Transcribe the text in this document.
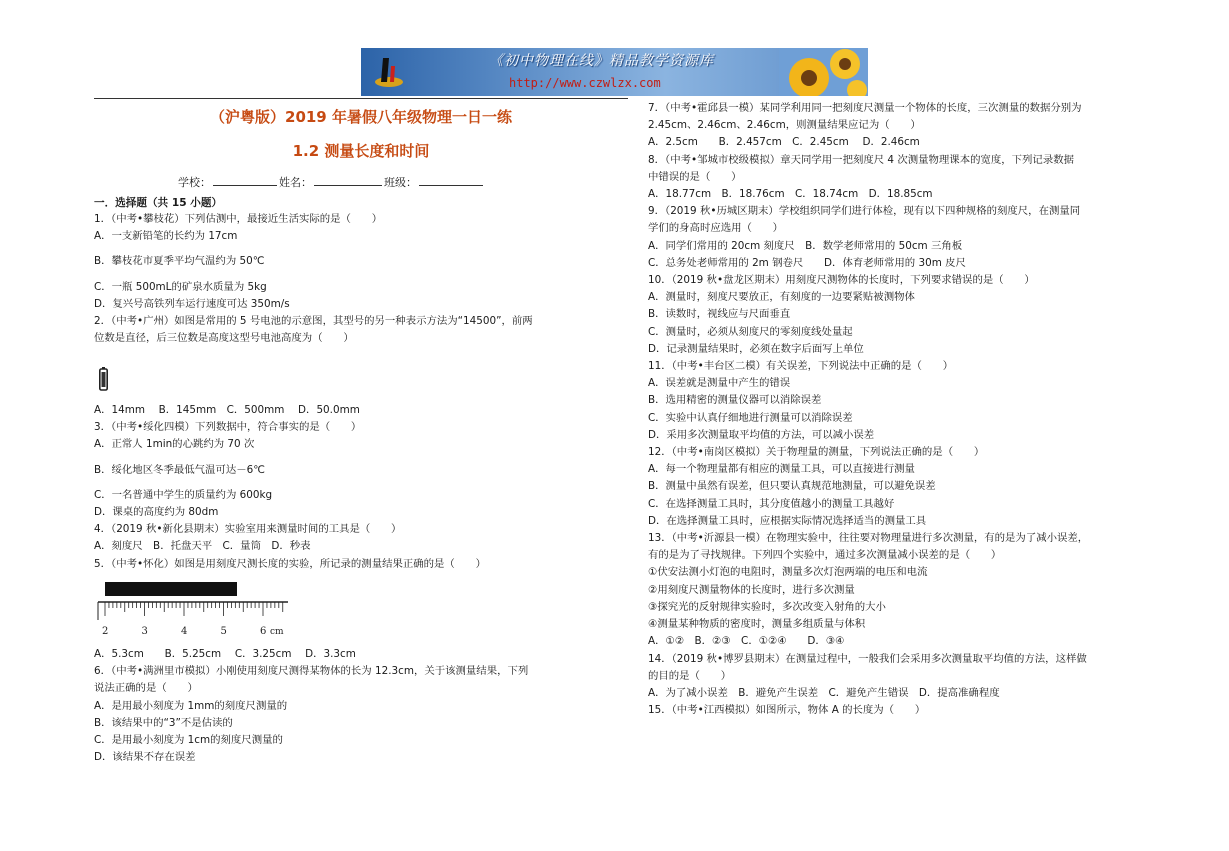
《初中物理在线》精品教学资源库
http://www.czwlzx.com
（沪粤版）2019 年暑假八年级物理一日一练
1.2 测量长度和时间
学校：	姓名：	班级：
一．选择题（共 15 小题）

1．（中考•攀枝花）下列估测中，最接近生活实际的是（　　）

A．一支新铅笔的长约为 17cm

B．攀枝花市夏季平均气温约为 50℃

C．一瓶 500mL的矿泉水质量为 5kg

D．复兴号高铁列车运行速度可达 350m/s

2．（中考•广州）如图是常用的 5 号电池的示意图，其型号的另一种表示方法为“14500”，前两

位数是直径，后三位数是高度这型号电池高度为（　　）

A．14mm　 B．145mm　C．500mm　 D．50.0mm

3．（中考•绥化四模）下列数据中，符合事实的是（　　）

A．正常人 1min的心跳约为 70 次

B．绥化地区冬季最低气温可达－6℃

C．一名普通中学生的质量约为 600kg

D．课桌的高度约为 80dm

4．（2019 秋•新化县期末）实验室用来测量时间的工具是（　　）

A．刻度尺　B．托盘天平　C．量筒　D．秒表

5．（中考•怀化）如图是用刻度尺测长度的实验，所记录的测量结果正确的是（　　）

2	3	4	5	6 cm

A．5.3cm　　B．5.25cm　 C．3.25cm　 D．3.3cm

6．（中考•满洲里市模拟）小刚使用刻度尺测得某物体的长为 12.3cm，关于该测量结果，下列

说法正确的是（　　）

A．是用最小刻度为 1mm的刻度尺测量的

B．该结果中的“3”不是估读的

C．是用最小刻度为 1cm的刻度尺测量的

D．该结果不存在误差

7．（中考•霍邱县一模）某同学利用同一把刻度尺测量一个物体的长度，三次测量的数据分别为

2.45cm、2.46cm、2.46cm，则测量结果应记为（　　）

A．2.5cm　　B．2.457cm　C．2.45cm　 D．2.46cm

8．（中考•邹城市校级模拟）章天同学用一把刻度尺 4 次测量物理课本的宽度，下列记录数据

中错误的是（　　）

A．18.77cm　B．18.76cm　C．18.74cm　D．18.85cm

9．（2019 秋•历城区期末）学校组织同学们进行体检，现有以下四种规格的刻度尺，在测量同

学们的身高时应选用（　　）

A．同学们常用的 20cm 刻度尺　B．数学老师常用的 50cm 三角板

C．总务处老师常用的 2m 钢卷尺　　D．体育老师常用的 30m 皮尺

10．（2019 秋•盘龙区期末）用刻度尺测物体的长度时，下列要求错误的是（　　）

A．测量时，刻度尺要放正，有刻度的一边要紧贴被测物体

B．读数时，视线应与尺面垂直

C．测量时，必须从刻度尺的零刻度线处量起

D．记录测量结果时，必须在数字后面写上单位

11．（中考•丰台区二模）有关误差，下列说法中正确的是（　　）

A．误差就是测量中产生的错误

B．选用精密的测量仪器可以消除误差

C．实验中认真仔细地进行测量可以消除误差

D．采用多次测量取平均值的方法，可以减小误差

12．（中考•南岗区模拟）关于物理量的测量，下列说法正确的是（　　）

A．每一个物理量都有相应的测量工具，可以直接进行测量

B．测量中虽然有误差，但只要认真规范地测量，可以避免误差

C．在选择测量工具时，其分度值越小的测量工具越好

D．在选择测量工具时，应根据实际情况选择适当的测量工具

13．（中考•沂源县一模）在物理实验中，往往要对物理量进行多次测量，有的是为了减小误差，

有的是为了寻找规律。下列四个实验中，通过多次测量减小误差的是（　　）

①伏安法测小灯泡的电阻时，测量多次灯泡两端的电压和电流

②用刻度尺测量物体的长度时，进行多次测量

③探究光的反射规律实验时，多次改变入射角的大小

④测量某种物质的密度时，测量多组质量与体积

A．①②　B．②③　C．①②④　　D．③④

14．（2019 秋•博罗县期末）在测量过程中，一般我们会采用多次测量取平均值的方法，这样做

的目的是（　　）

A．为了减小误差　B．避免产生误差　C．避免产生错误　D．提高准确程度

15．（中考•江西模拟）如图所示，物体 A 的长度为（　　）
